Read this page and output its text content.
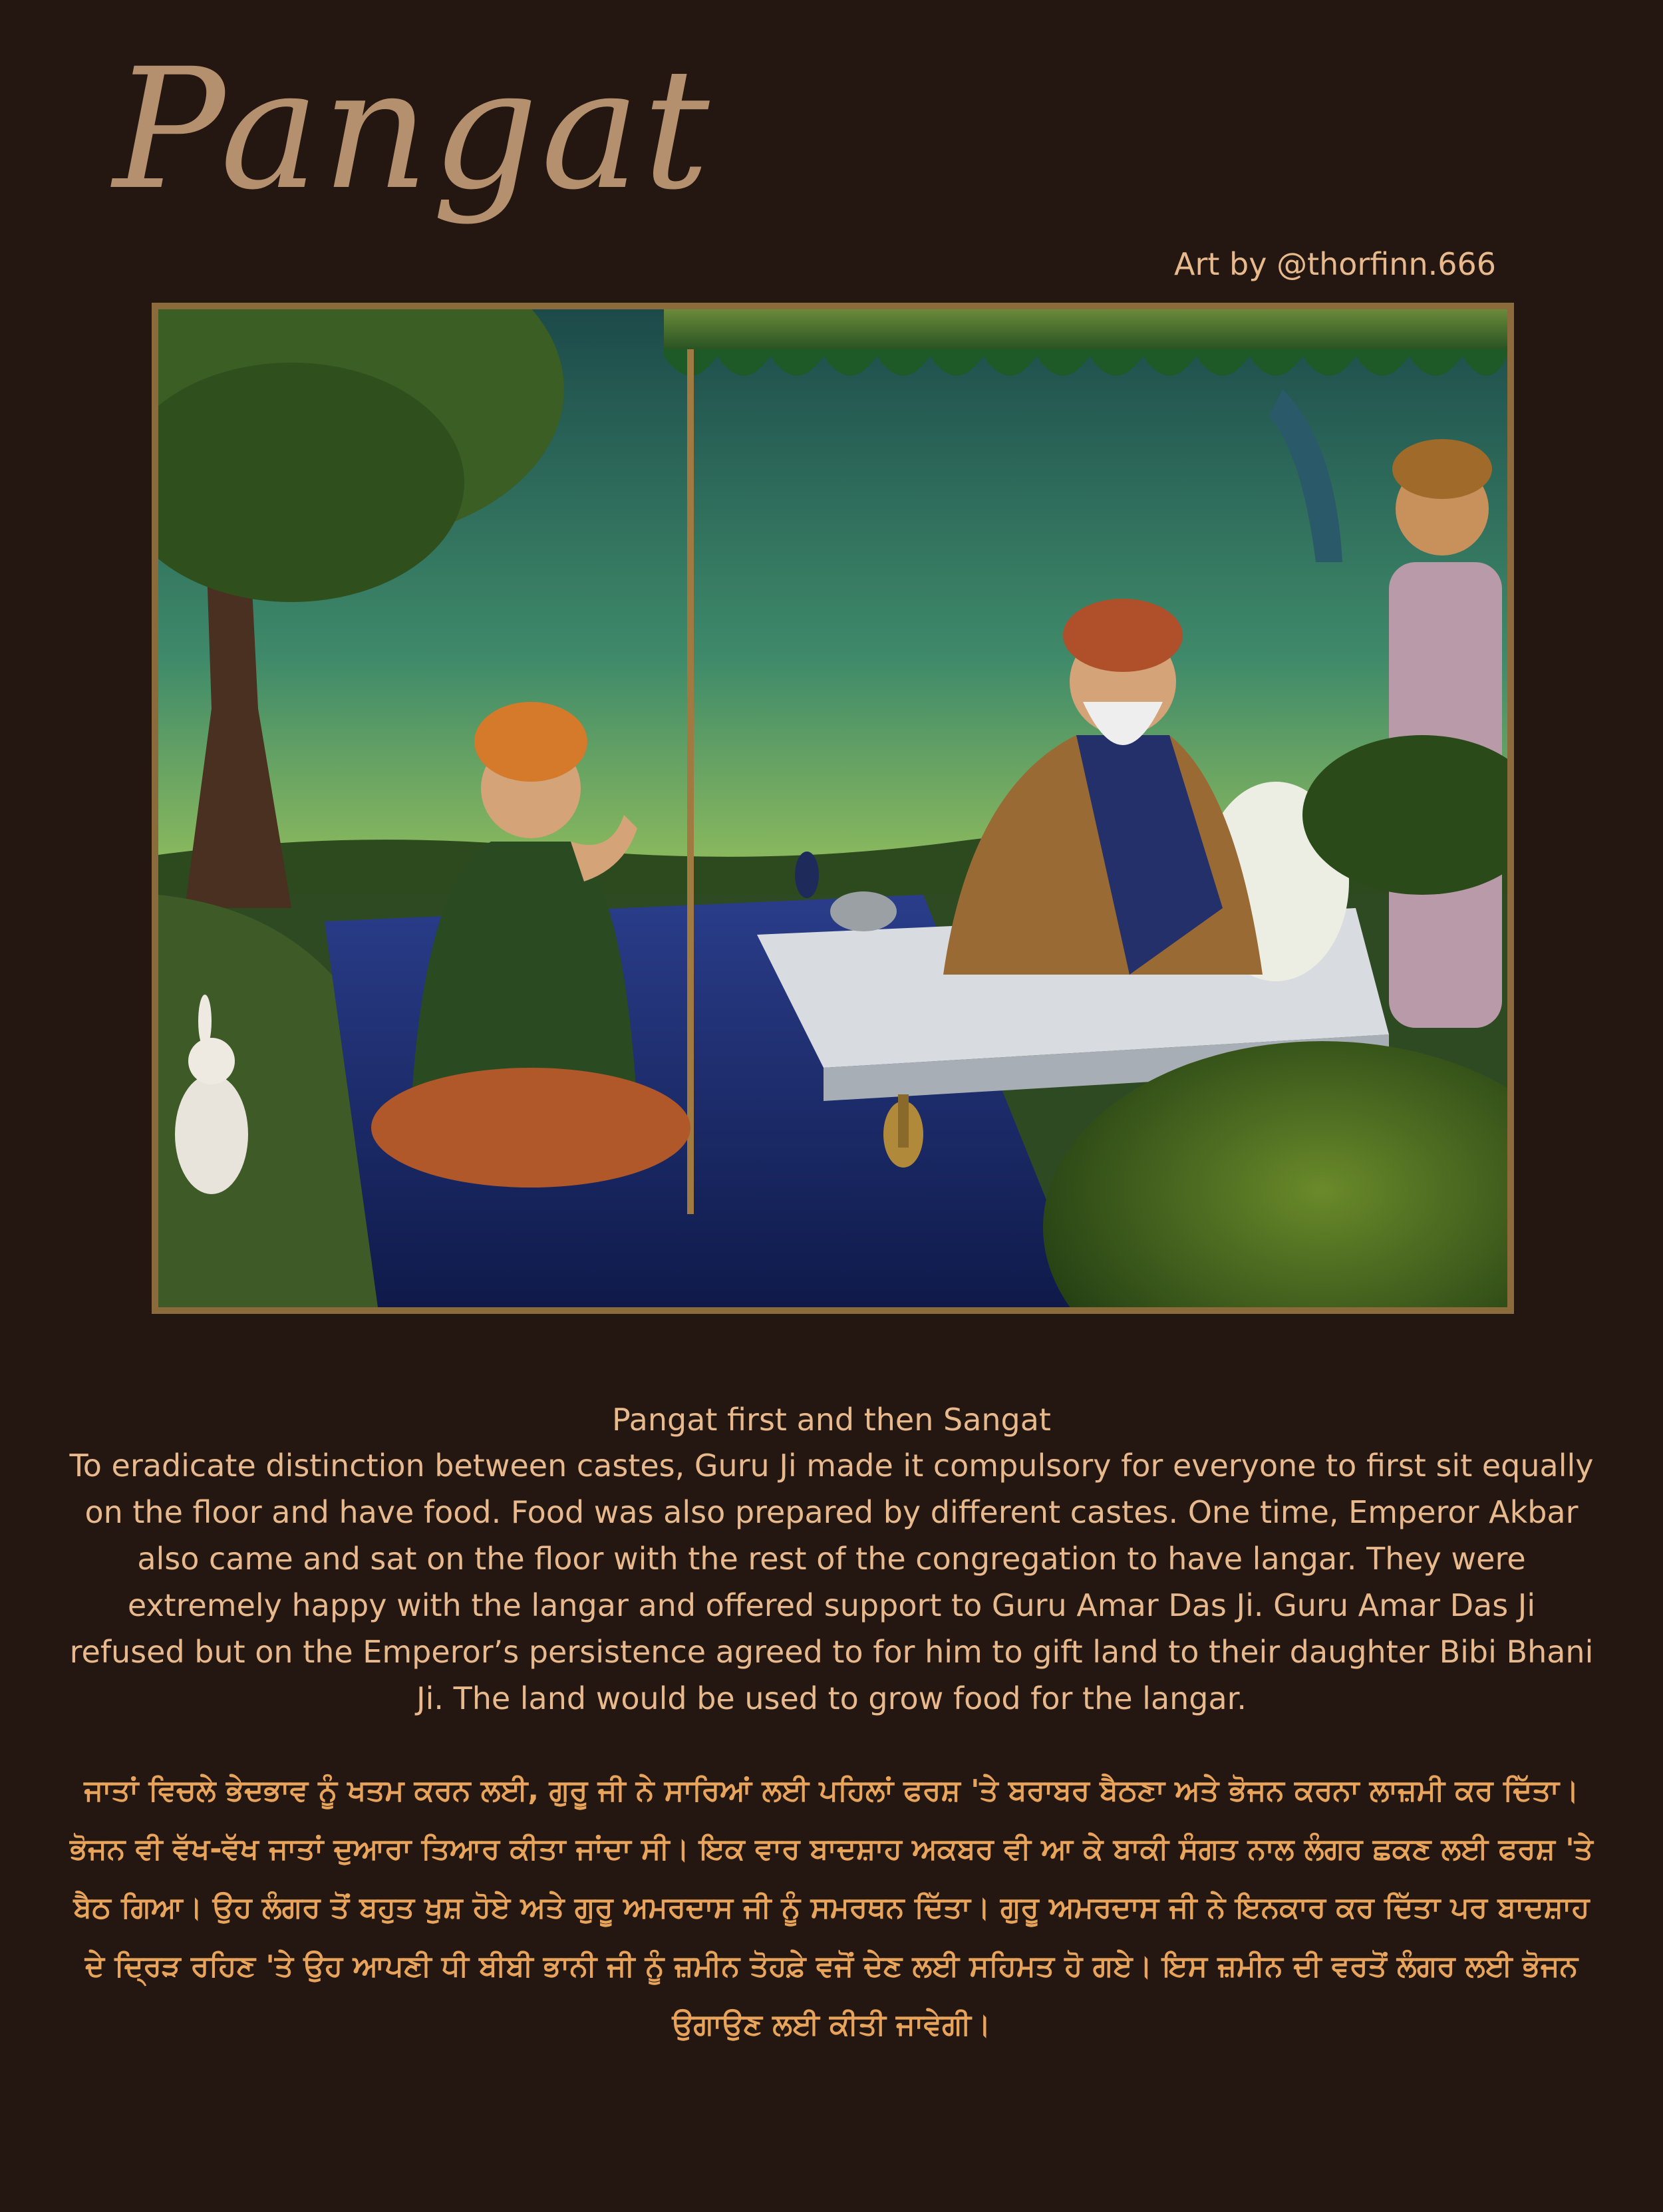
Pangat

Art by @thorfinn.666

Pangat first and then Sangat

To eradicate distinction between castes, Guru Ji made it compulsory for everyone to first sit equally on the floor and have food. Food was also prepared by different castes. One time, Emperor Akbar also came and sat on the floor with the rest of the congregation to have langar. They were extremely happy with the langar and offered support to Guru Amar Das Ji. Guru Amar Das Ji refused but on the Emperor’s persistence agreed to for him to gift land to their daughter Bibi Bhani Ji. The land would be used to grow food for the langar.

ਜਾਤਾਂ ਵਿਚਲੇ ਭੇਦਭਾਵ ਨੂੰ ਖਤਮ ਕਰਨ ਲਈ, ਗੁਰੂ ਜੀ ਨੇ ਸਾਰਿਆਂ ਲਈ ਪਹਿਲਾਂ ਫਰਸ਼ 'ਤੇ ਬਰਾਬਰ ਬੈਠਣਾ ਅਤੇ ਭੋਜਨ ਕਰਨਾ ਲਾਜ਼ਮੀ ਕਰ ਦਿੱਤਾ। ਭੋਜਨ ਵੀ ਵੱਖ-ਵੱਖ ਜਾਤਾਂ ਦੁਆਰਾ ਤਿਆਰ ਕੀਤਾ ਜਾਂਦਾ ਸੀ। ਇਕ ਵਾਰ ਬਾਦਸ਼ਾਹ ਅਕਬਰ ਵੀ ਆ ਕੇ ਬਾਕੀ ਸੰਗਤ ਨਾਲ ਲੰਗਰ ਛਕਣ ਲਈ ਫਰਸ਼ 'ਤੇ ਬੈਠ ਗਿਆ। ਉਹ ਲੰਗਰ ਤੋਂ ਬਹੁਤ ਖੁਸ਼ ਹੋਏ ਅਤੇ ਗੁਰੂ ਅਮਰਦਾਸ ਜੀ ਨੂੰ ਸਮਰਥਨ ਦਿੱਤਾ। ਗੁਰੂ ਅਮਰਦਾਸ ਜੀ ਨੇ ਇਨਕਾਰ ਕਰ ਦਿੱਤਾ ਪਰ ਬਾਦਸ਼ਾਹ ਦੇ ਦ੍ਰਿੜ ਰਹਿਣ 'ਤੇ ਉਹ ਆਪਣੀ ਧੀ ਬੀਬੀ ਭਾਨੀ ਜੀ ਨੂੰ ਜ਼ਮੀਨ ਤੋਹਫ਼ੇ ਵਜੋਂ ਦੇਣ ਲਈ ਸਹਿਮਤ ਹੋ ਗਏ। ਇਸ ਜ਼ਮੀਨ ਦੀ ਵਰਤੋਂ ਲੰਗਰ ਲਈ ਭੋਜਨ ਉਗਾਉਣ ਲਈ ਕੀਤੀ ਜਾਵੇਗੀ।
